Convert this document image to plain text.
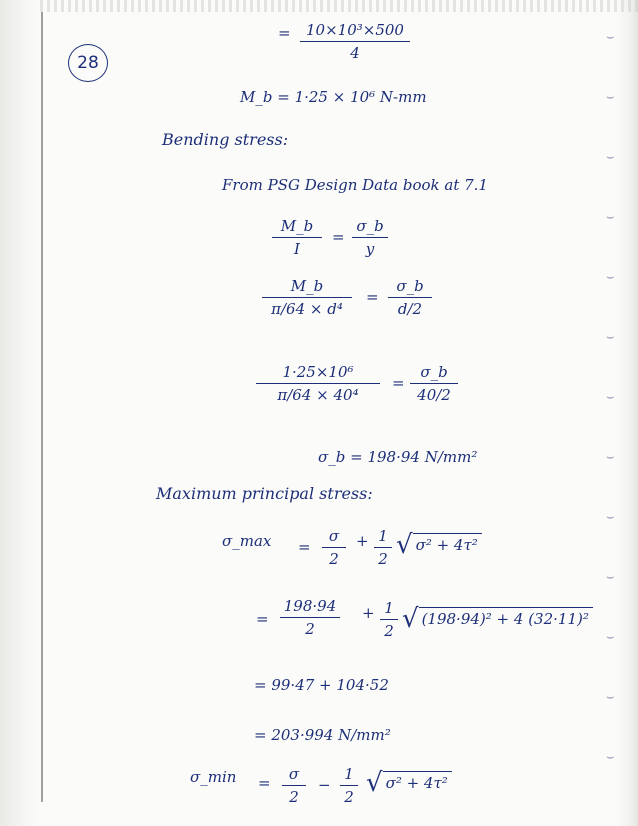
⌣
⌣
⌣
⌣
⌣
⌣
⌣
⌣
⌣
⌣
⌣
⌣
⌣
28
=	10×10³×500
4
M_b = 1·25 × 10⁶ N-mm
Bending stress:
From PSG Design Data book at 7.1
M_b
I
=
σ_b
y
M_b
π/64 × d⁴
=
σ_b
d/2
1·25×10⁶
π/64 × 40⁴
=
σ_b
40/2
σ_b = 198·94 N/mm²
Maximum principal stress:
σ_max =
σ
2
+ 1
2 √ σ² + 4τ²
=
198·94
2
+ 1
2 √ (198·94)² + 4 (32·11)²
= 99·47 + 104·52
= 203·994 N/mm²
σ_min =	σ
2
−
1
2 √ σ² + 4τ²
